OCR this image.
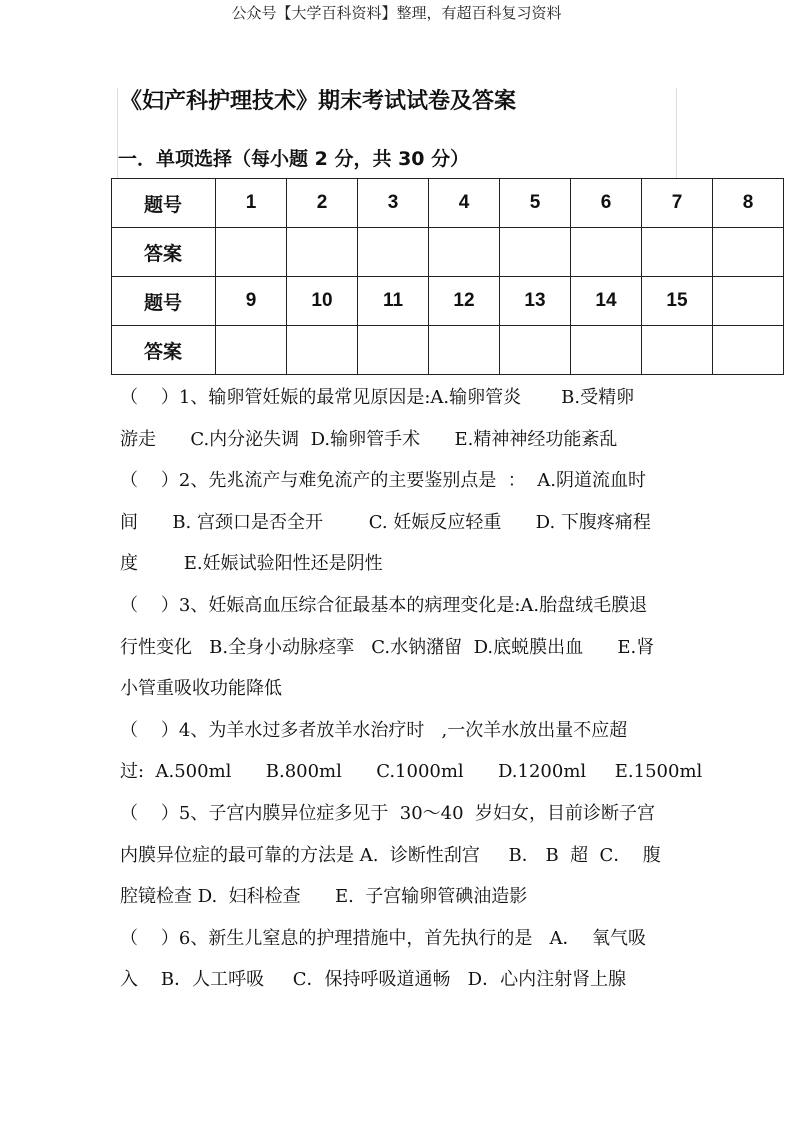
公众号【大学百科资料】整理，有超百科复习资料
《妇产科护理技术》期末考试试卷及答案
一．单项选择（每小题 2 分，共 30 分）
题号	1	2	3	4	5	6	7	8
答案								
题号	9	10	11	12	13	14	15	
答案								
（    ）1、输卵管妊娠的最常见原因是:A.输卵管炎       B.受精卵
游走      C.内分泌失调  D.输卵管手术      E.精神神经功能紊乱
（    ）2、先兆流产与难免流产的主要鉴别点是  ：  A.阴道流血时
间      B. 宫颈口是否全开        C. 妊娠反应轻重      D. 下腹疼痛程
度        E.妊娠试验阳性还是阴性
（    ）3、妊娠高血压综合征最基本的病理变化是:A.胎盘绒毛膜退
行性变化   B.全身小动脉痉挛   C.水钠潴留  D.底蜕膜出血      E.肾
小管重吸收功能降低
（    ）4、为羊水过多者放羊水治疗时   ,一次羊水放出量不应超
过:  A.500ml      B.800ml      C.1000ml      D.1200ml     E.1500ml
（    ）5、子宫内膜异位症多见于  30～40  岁妇女，目前诊断子宫
内膜异位症的最可靠的方法是 A.  诊断性刮宫     B． B  超  C．  腹
腔镜检查 D.  妇科检查      E.  子宫输卵管碘油造影
（    ）6、新生儿窒息的护理措施中，首先执行的是   A．  氧气吸
入    B．人工呼吸     C．保持呼吸道通畅   D．心内注射肾上腺
